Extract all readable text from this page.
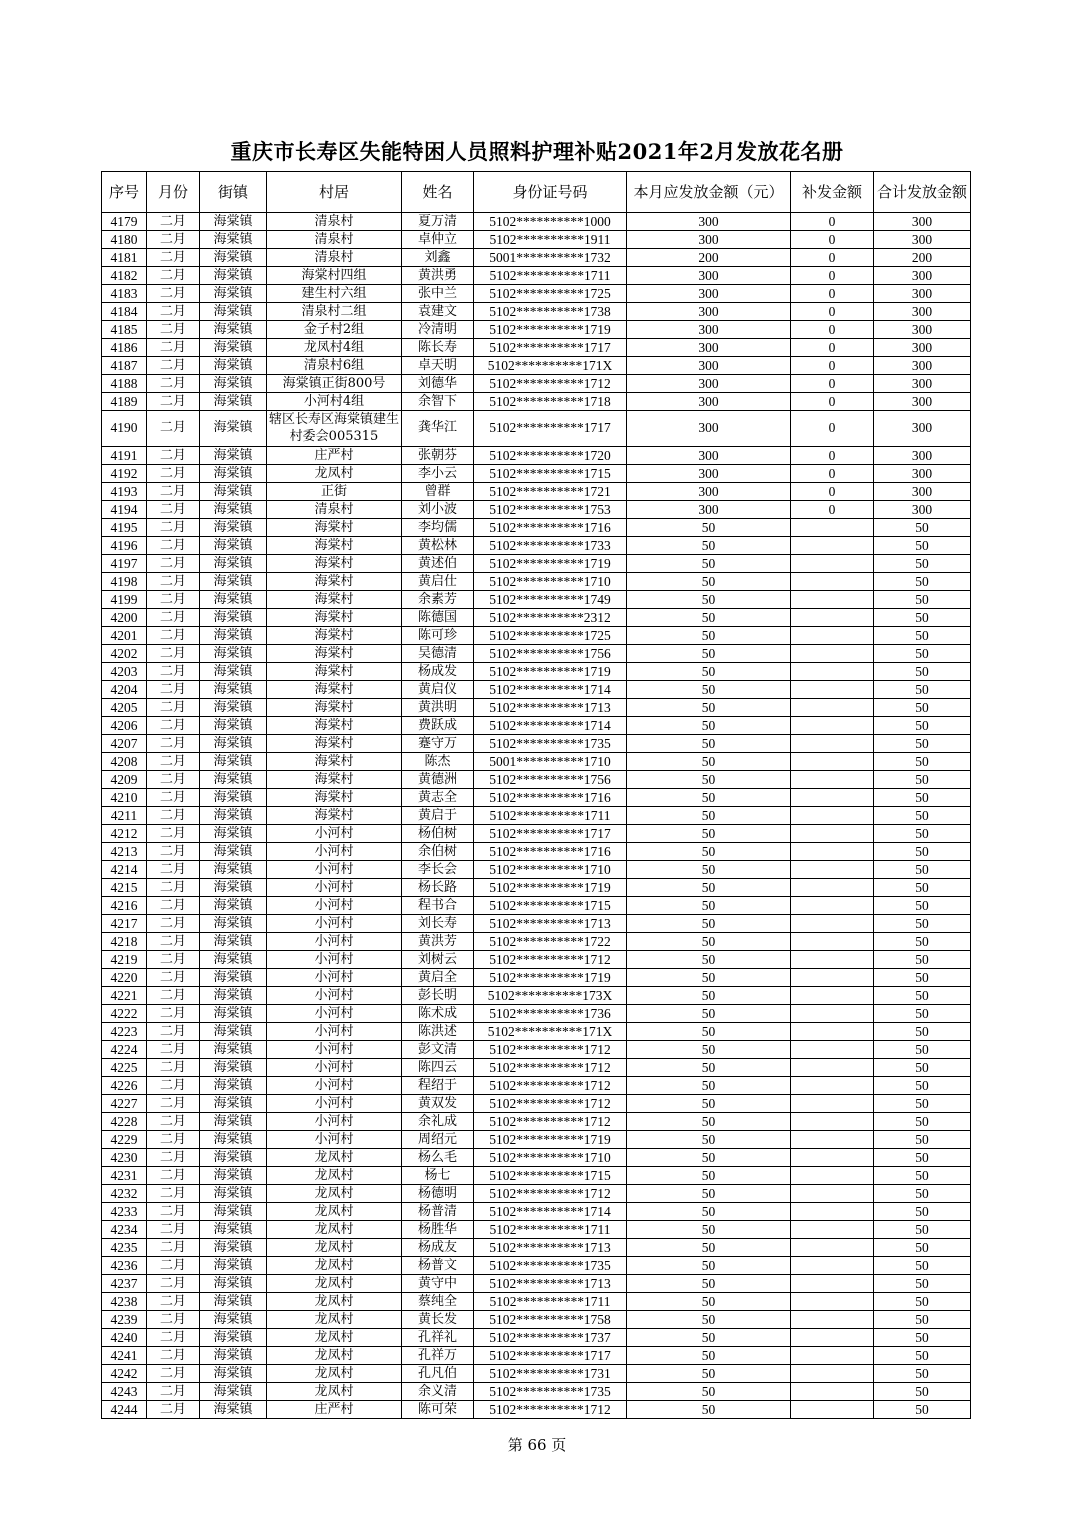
重庆市长寿区失能特困人员照料护理补贴2021年2月发放花名册
序号	月份	街镇	村居	姓名	身份证号码	本月应发放金额（元）	补发金额	合计发放金额
4179	二月	海棠镇	清泉村	夏万清	5102**********1000	300	0	300
4180	二月	海棠镇	清泉村	卓仲立	5102**********1911	300	0	300
4181	二月	海棠镇	清泉村	刘鑫	5001**********1732	200	0	200
4182	二月	海棠镇	海棠村四组	黄洪勇	5102**********1711	300	0	300
4183	二月	海棠镇	建生村六组	张中兰	5102**********1725	300	0	300
4184	二月	海棠镇	清泉村二组	袁建文	5102**********1738	300	0	300
4185	二月	海棠镇	金子村2组	冷清明	5102**********1719	300	0	300
4186	二月	海棠镇	龙凤村4组	陈长寿	5102**********1717	300	0	300
4187	二月	海棠镇	清泉村6组	卓天明	5102**********171X	300	0	300
4188	二月	海棠镇	海棠镇正街800号	刘德华	5102**********1712	300	0	300
4189	二月	海棠镇	小河村4组	余智下	5102**********1718	300	0	300
4190	二月	海棠镇	辖区长寿区海棠镇建生村委会005315	龚华江	5102**********1717	300	0	300
4191	二月	海棠镇	庄严村	张朝芬	5102**********1720	300	0	300
4192	二月	海棠镇	龙凤村	李小云	5102**********1715	300	0	300
4193	二月	海棠镇	正街	曾群	5102**********1721	300	0	300
4194	二月	海棠镇	清泉村	刘小波	5102**********1753	300	0	300
4195	二月	海棠镇	海棠村	李均儒	5102**********1716	50		50
4196	二月	海棠镇	海棠村	黄松林	5102**********1733	50		50
4197	二月	海棠镇	海棠村	黄述伯	5102**********1719	50		50
4198	二月	海棠镇	海棠村	黄启仕	5102**********1710	50		50
4199	二月	海棠镇	海棠村	余素芳	5102**********1749	50		50
4200	二月	海棠镇	海棠村	陈德国	5102**********2312	50		50
4201	二月	海棠镇	海棠村	陈可珍	5102**********1725	50		50
4202	二月	海棠镇	海棠村	吴德清	5102**********1756	50		50
4203	二月	海棠镇	海棠村	杨成发	5102**********1719	50		50
4204	二月	海棠镇	海棠村	黄启仪	5102**********1714	50		50
4205	二月	海棠镇	海棠村	黄洪明	5102**********1713	50		50
4206	二月	海棠镇	海棠村	费跃成	5102**********1714	50		50
4207	二月	海棠镇	海棠村	蹇守万	5102**********1735	50		50
4208	二月	海棠镇	海棠村	陈杰	5001**********1710	50		50
4209	二月	海棠镇	海棠村	黄德洲	5102**********1756	50		50
4210	二月	海棠镇	海棠村	黄志全	5102**********1716	50		50
4211	二月	海棠镇	海棠村	黄启于	5102**********1711	50		50
4212	二月	海棠镇	小河村	杨伯树	5102**********1717	50		50
4213	二月	海棠镇	小河村	余伯树	5102**********1716	50		50
4214	二月	海棠镇	小河村	李长会	5102**********1710	50		50
4215	二月	海棠镇	小河村	杨长路	5102**********1719	50		50
4216	二月	海棠镇	小河村	程书合	5102**********1715	50		50
4217	二月	海棠镇	小河村	刘长寿	5102**********1713	50		50
4218	二月	海棠镇	小河村	黄洪芳	5102**********1722	50		50
4219	二月	海棠镇	小河村	刘树云	5102**********1712	50		50
4220	二月	海棠镇	小河村	黄启全	5102**********1719	50		50
4221	二月	海棠镇	小河村	彭长明	5102**********173X	50		50
4222	二月	海棠镇	小河村	陈术成	5102**********1736	50		50
4223	二月	海棠镇	小河村	陈洪述	5102**********171X	50		50
4224	二月	海棠镇	小河村	彭文清	5102**********1712	50		50
4225	二月	海棠镇	小河村	陈四云	5102**********1712	50		50
4226	二月	海棠镇	小河村	程绍于	5102**********1712	50		50
4227	二月	海棠镇	小河村	黄双发	5102**********1712	50		50
4228	二月	海棠镇	小河村	余礼成	5102**********1712	50		50
4229	二月	海棠镇	小河村	周绍元	5102**********1719	50		50
4230	二月	海棠镇	龙凤村	杨么毛	5102**********1710	50		50
4231	二月	海棠镇	龙凤村	杨七	5102**********1715	50		50
4232	二月	海棠镇	龙凤村	杨德明	5102**********1712	50		50
4233	二月	海棠镇	龙凤村	杨普清	5102**********1714	50		50
4234	二月	海棠镇	龙凤村	杨胜华	5102**********1711	50		50
4235	二月	海棠镇	龙凤村	杨成友	5102**********1713	50		50
4236	二月	海棠镇	龙凤村	杨普文	5102**********1735	50		50
4237	二月	海棠镇	龙凤村	黄守中	5102**********1713	50		50
4238	二月	海棠镇	龙凤村	蔡纯全	5102**********1711	50		50
4239	二月	海棠镇	龙凤村	黄长发	5102**********1758	50		50
4240	二月	海棠镇	龙凤村	孔祥礼	5102**********1737	50		50
4241	二月	海棠镇	龙凤村	孔祥万	5102**********1717	50		50
4242	二月	海棠镇	龙凤村	孔凡伯	5102**********1731	50		50
4243	二月	海棠镇	龙凤村	余义清	5102**********1735	50		50
4244	二月	海棠镇	庄严村	陈可荣	5102**********1712	50		50
第 66 页
